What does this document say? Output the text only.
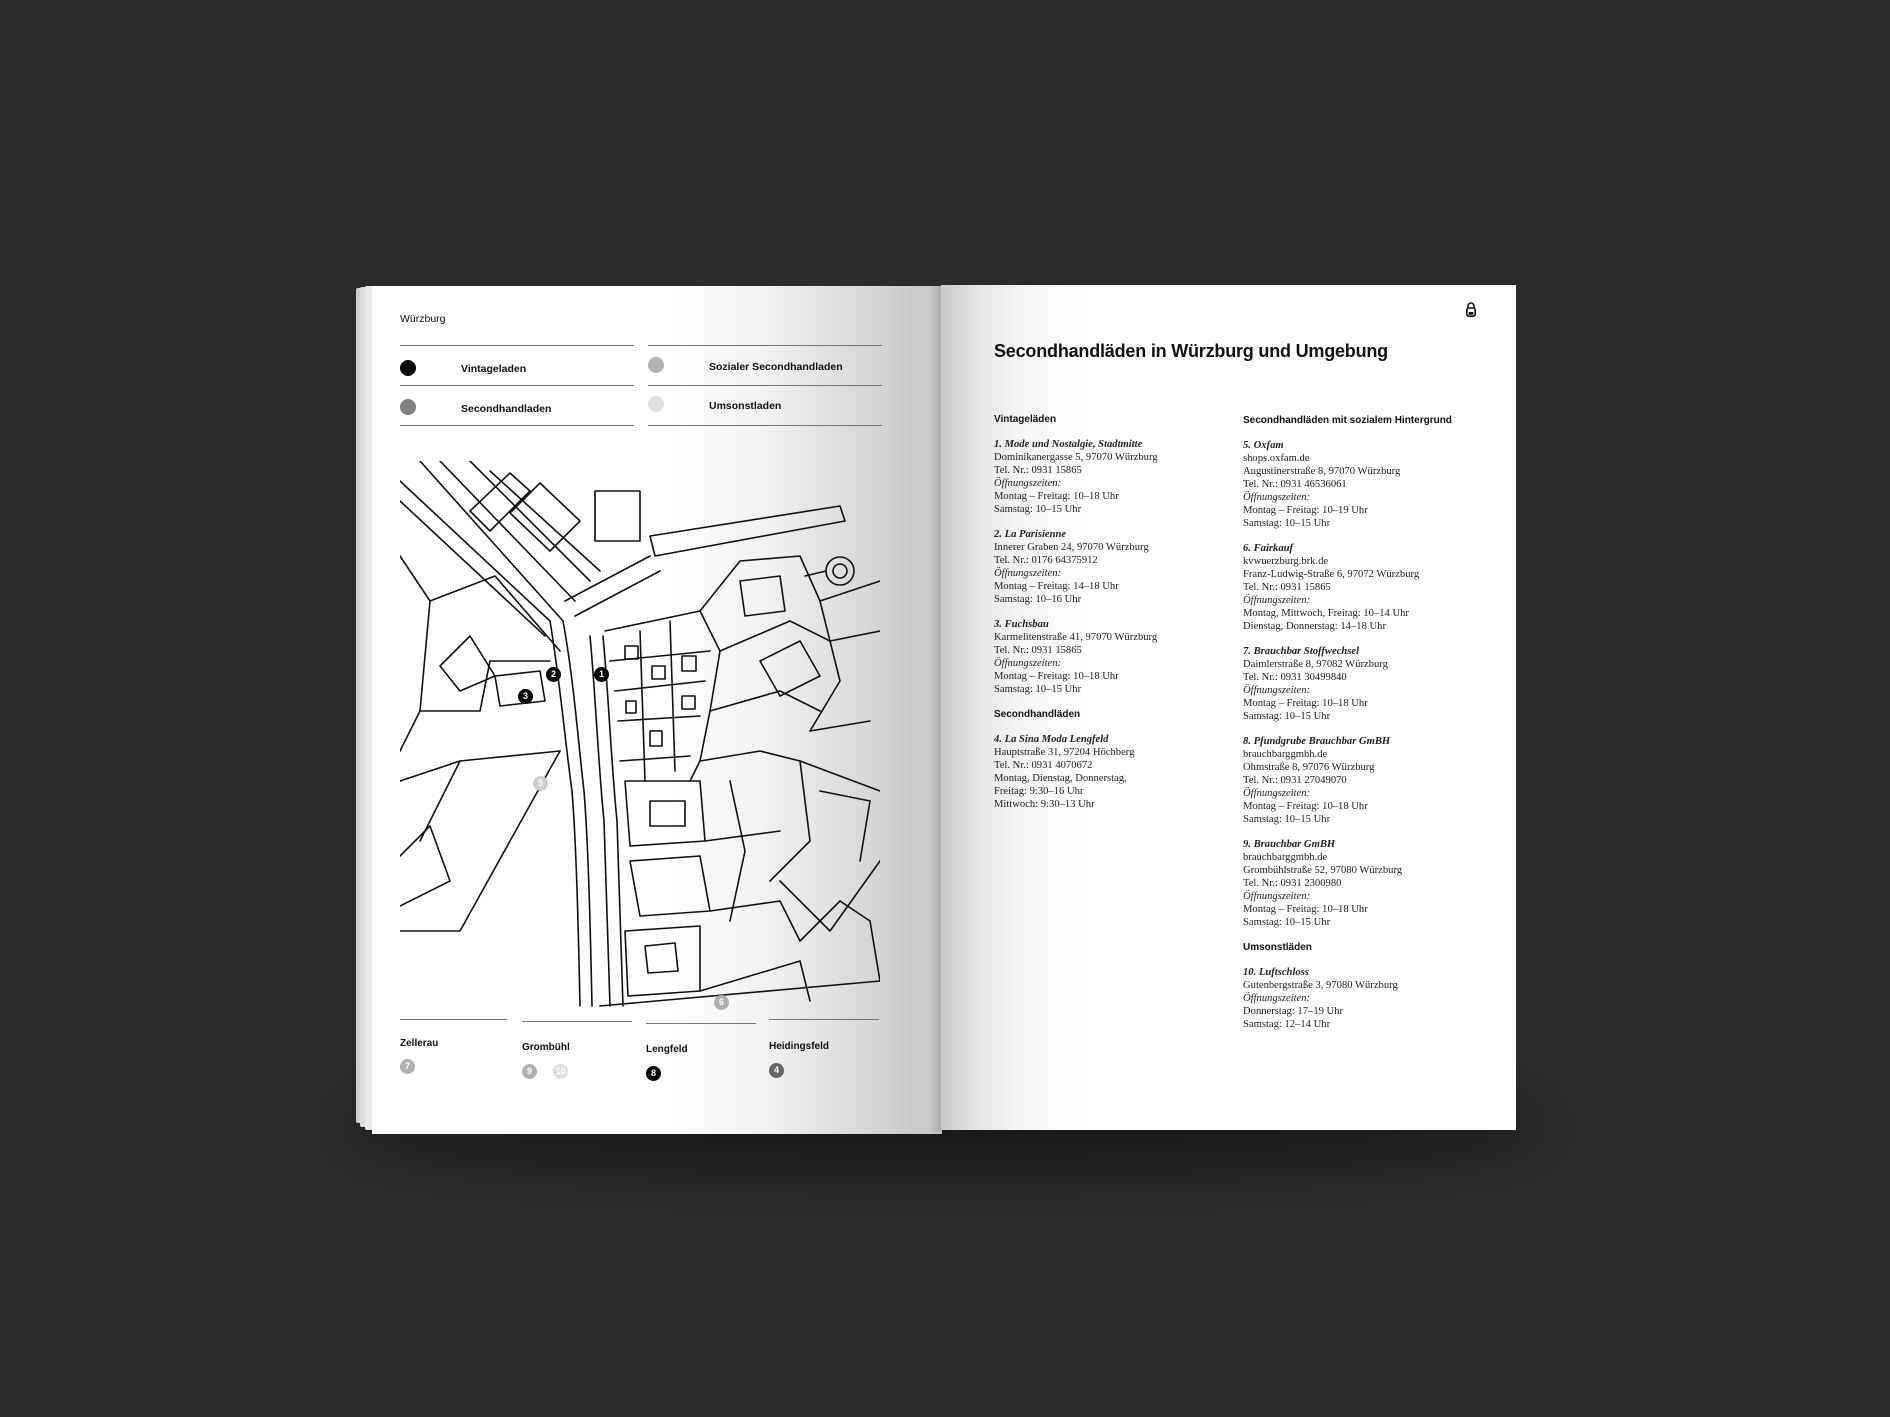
Würzburg
Vintageladen	Sozialer Secondhandladen
Secondhandladen	Umsonstladen
1
2
3
5
6
Zellerau
7
Grombühl
9	10
Lengfeld
8
Heidingsfeld
4
Secondhandläden in Würzburg und Umgebung
Vintageläden
1. Mode und Nostalgie, Stadtmitte
Dominikanergasse 5, 97070 Würzburg
Tel. Nr.: 0931 15865
Öffnungszeiten:
Montag – Freitag: 10–18 Uhr
Samstag: 10–15 Uhr
2. La Parisienne
Innerer Graben 24, 97070 Würzburg
Tel. Nr.: 0176 64375912
Öffnungszeiten:
Montag – Freitag: 14–18 Uhr
Samstag: 10–16 Uhr
3. Fuchsbau
Karmelitenstraße 41, 97070 Würzburg
Tel. Nr.: 0931 15865
Öffnungszeiten:
Montag – Freitag: 10–18 Uhr
Samstag: 10–15 Uhr
Secondhandläden
4. La Sina Moda Lengfeld
Hauptstraße 31, 97204 Höchberg
Tel. Nr.: 0931 4070672
Montag, Dienstag, Donnerstag,
Freitag: 9:30–16 Uhr
Mittwoch: 9:30–13 Uhr
Secondhandläden mit sozialem Hintergrund
5. Oxfam
shops.oxfam.de
Augustinerstraße 8, 97070 Würzburg
Tel. Nr.: 0931 46536061
Öffnungszeiten:
Montag – Freitag: 10–19 Uhr
Samstag: 10–15 Uhr
6. Fairkauf
kvwuerzburg.brk.de
Franz-Ludwig-Straße 6, 97072 Würzburg
Tel. Nr.: 0931 15865
Öffnungszeiten:
Montag, Mittwoch, Freitag: 10–14 Uhr
Dienstag, Donnerstag: 14–18 Uhr
7. Brauchbar Stoffwechsel
Daimlerstraße 8, 97082 Würzburg
Tel. Nr.: 0931 30499840
Öffnungszeiten:
Montag – Freitag: 10–18 Uhr
Samstag: 10–15 Uhr
8. Pfundgrube Brauchbar GmBH
brauchbarggmbh.de
Ohmstraße 8, 97076 Würzburg
Tel. Nr.: 0931 27049070
Öffnungszeiten:
Montag – Freitag: 10–18 Uhr
Samstag: 10–15 Uhr
9. Brauchbar GmBH
brauchbarggmbh.de
Grombühlstraße 52, 97080 Würzburg
Tel. Nr.: 0931 2300980
Öffnungszeiten:
Montag – Freitag: 10–18 Uhr
Samstag: 10–15 Uhr
Umsonstläden
10. Luftschloss
Gutenbergstraße 3, 97080 Würzburg
Öffnungszeiten:
Donnerstag: 17–19 Uhr
Samstag: 12–14 Uhr
